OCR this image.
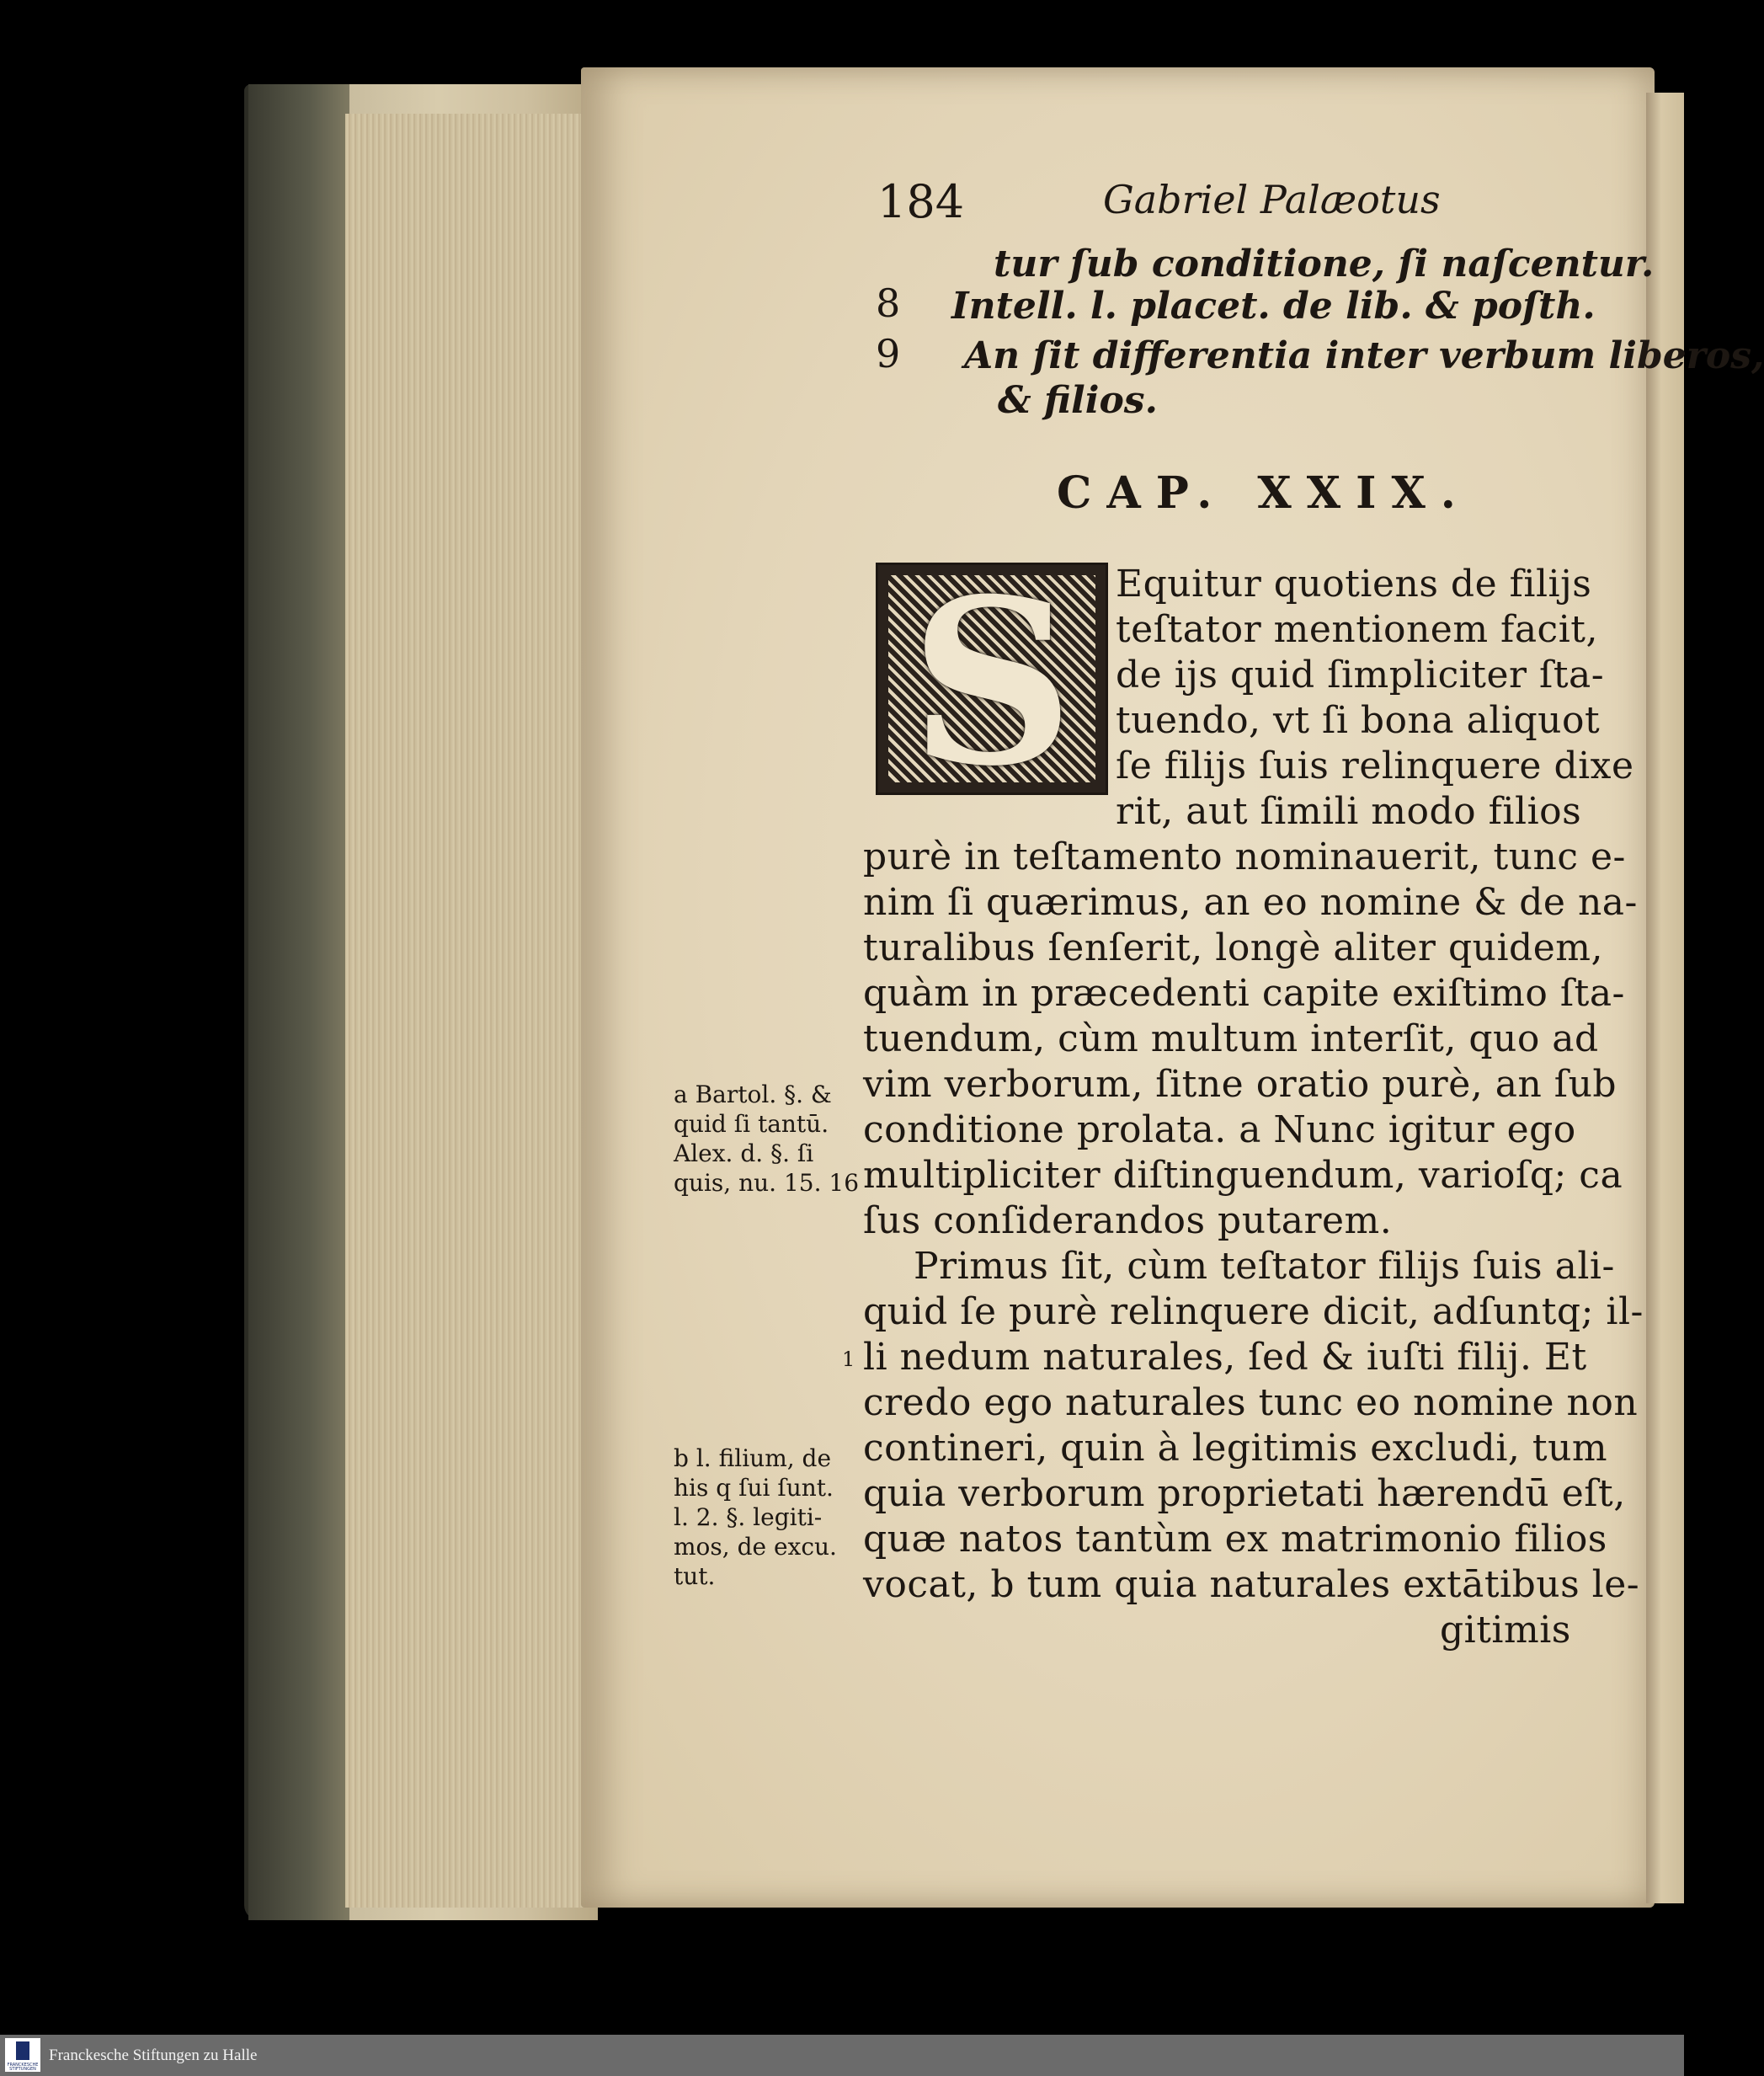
184	Gabriel Palæotus
tur ſub conditione, ſi naſcentur.
8 Intell. l. placet. de lib. & poſth.
9 An ſit differentia inter verbum liberos,
& filios.
CAP. XXIX.
S	Equitur quotiens de filijs
teſtator mentionem facit,
de ijs quid ſimpliciter ſta-
tuendo, vt ſi bona aliquot
ſe filijs ſuis relinquere dixe
rit, aut ſimili modo filios
purè in teſtamento nominauerit, tunc e-
nim ſi quærimus, an eo nomine & de na-
turalibus ſenſerit, longè aliter quidem,
quàm in præcedenti capite exiſtimo ſta-
tuendum, cùm multum interſit, quo ad
vim verborum, ſitne oratio purè, an ſub
conditione prolata. a Nunc igitur ego
multipliciter diſtinguendum, varioſq; ca
ſus conſiderandos putarem.
Primus ſit, cùm teſtator filijs ſuis ali-
quid ſe purè relinquere dicit, adſuntq; il-
li nedum naturales, ſed & iuſti filij. Et
credo ego naturales tunc eo nomine non
contineri, quin à legitimis excludi, tum
quia verborum proprietati hærendū eſt,
quæ natos tantùm ex matrimonio filios
vocat, b tum quia naturales extātibus le-
gitimis
a Bartol. §. &
quid ſi tantū.
Alex. d. §. ſi
quis, nu. 15. 16
1
b l. filium, de
his q ſui ſunt.
l. 2. §. legiti-
mos, de excu.
tut.
FRANCKESCHE STIFTUNGEN
Franckesche Stiftungen zu Halle
